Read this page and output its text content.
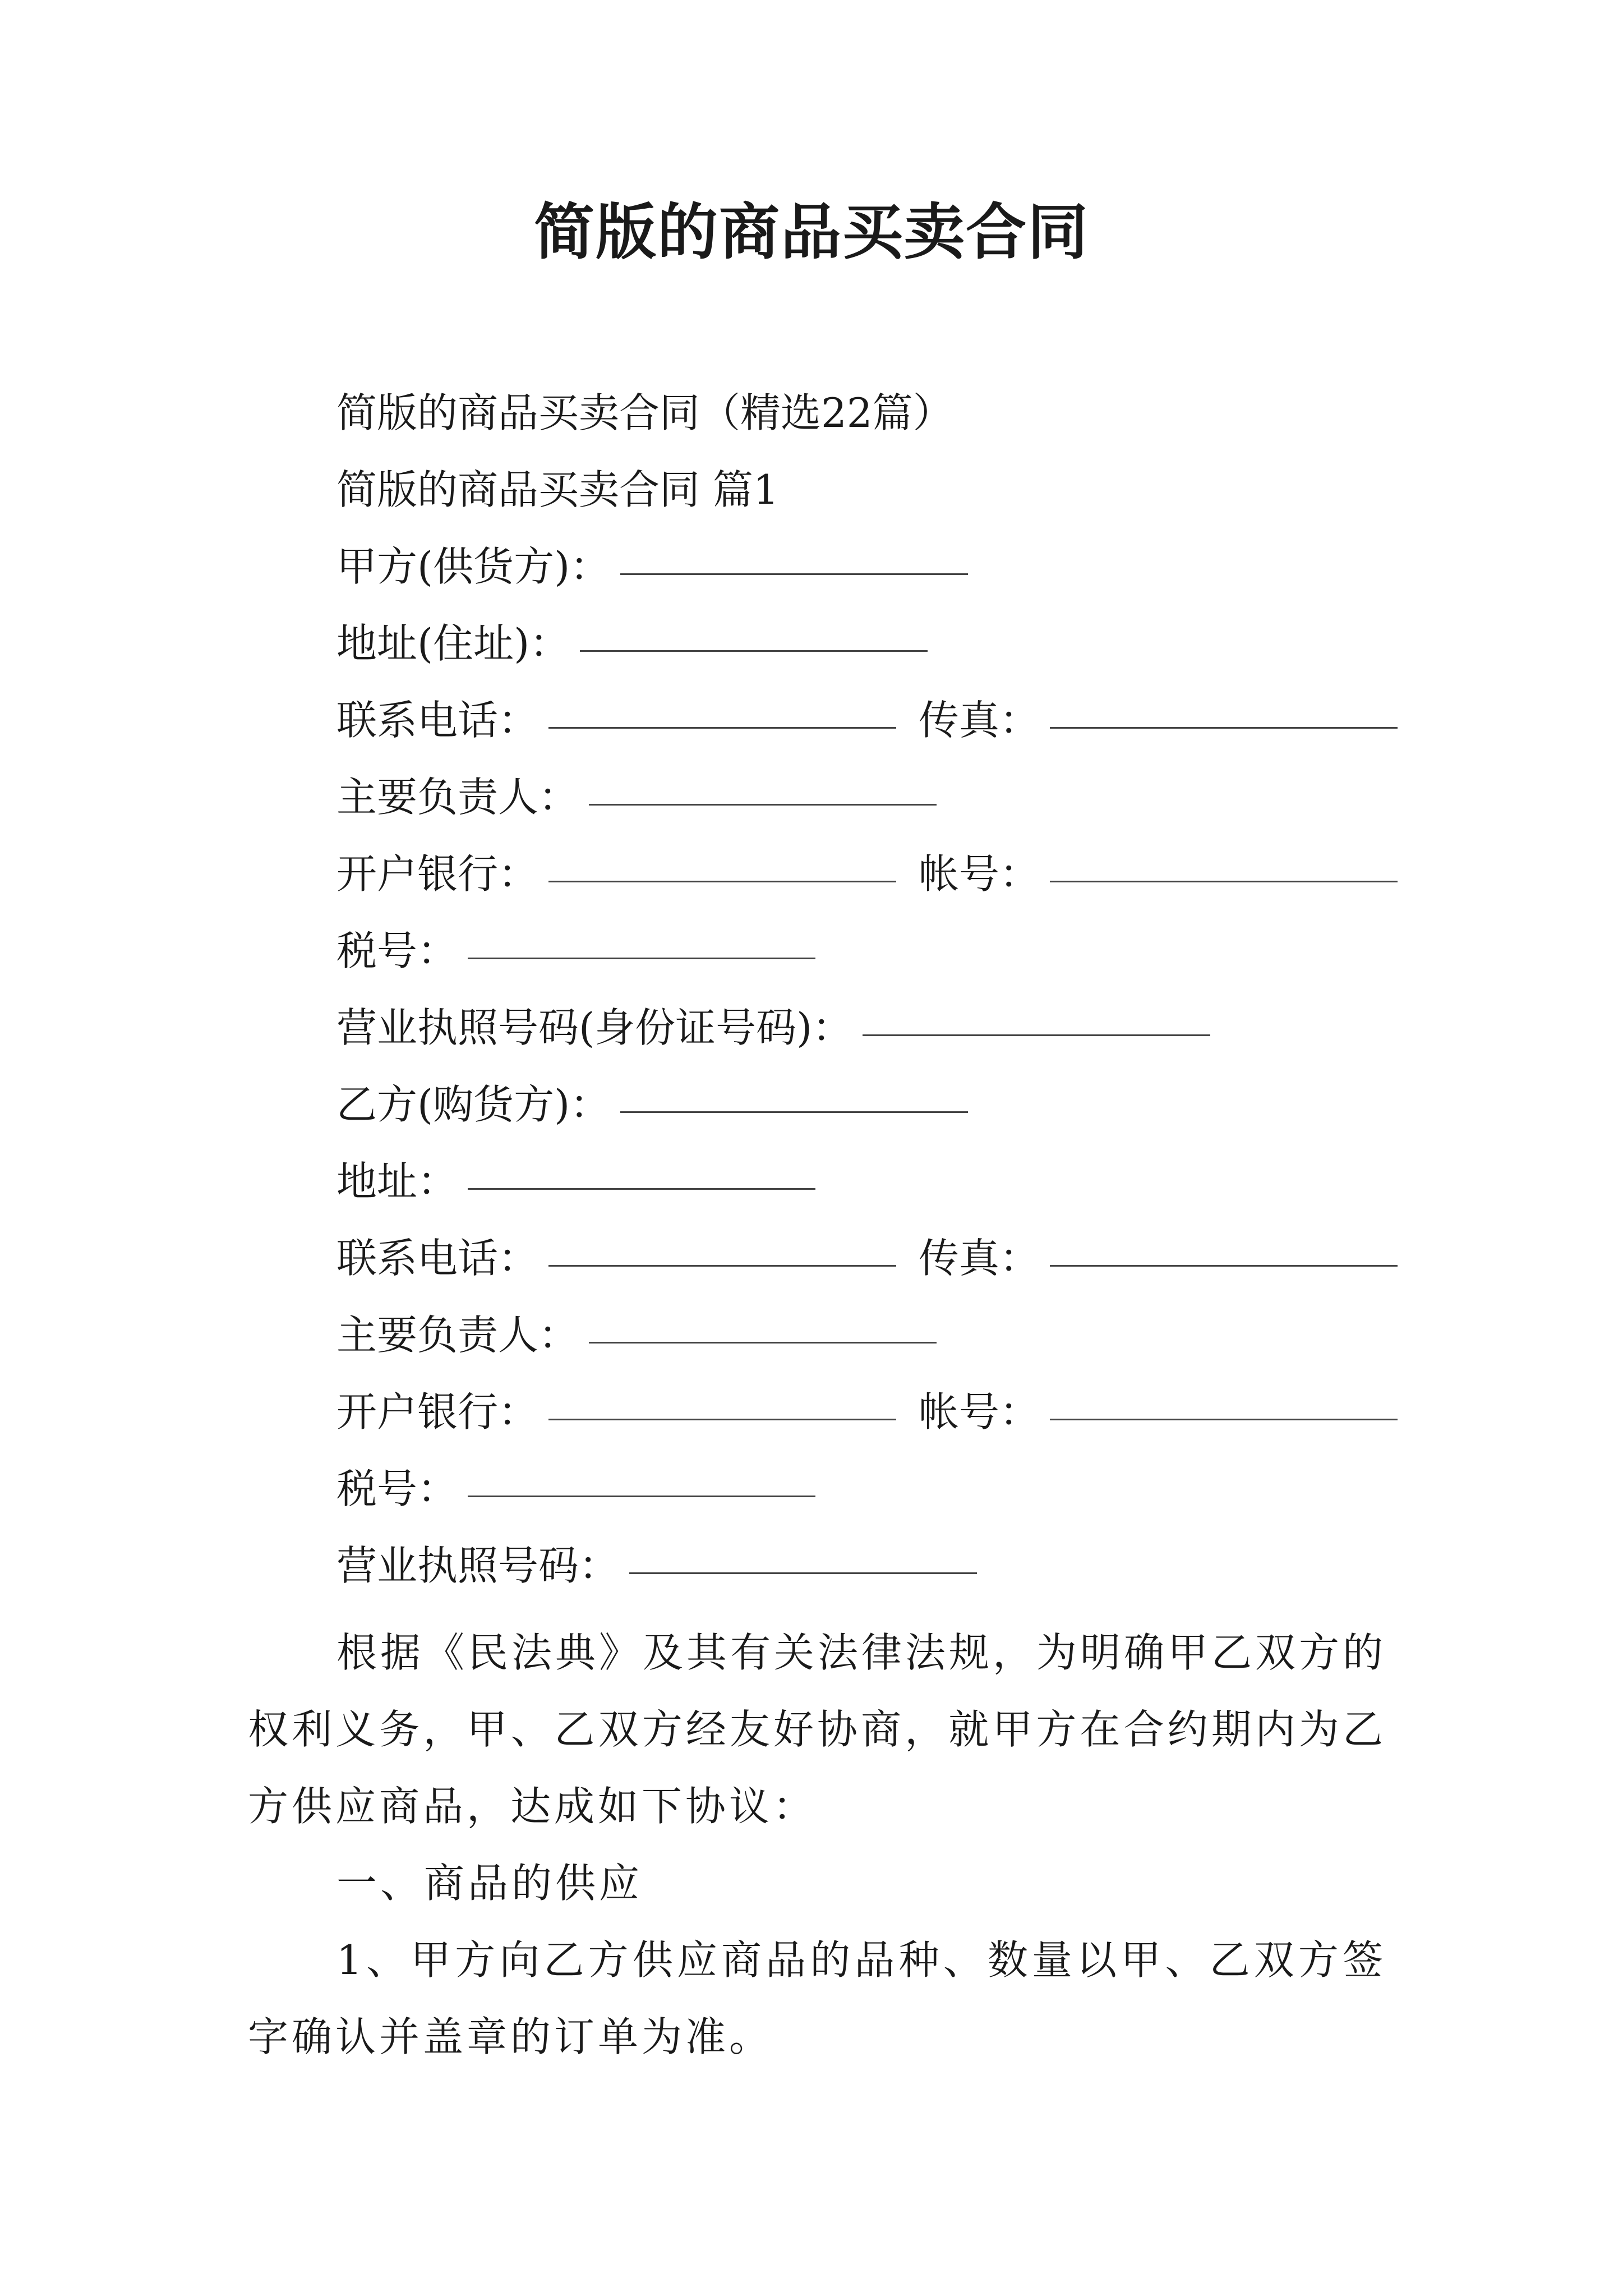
简版的商品买卖合同
简版的商品买卖合同（精选22篇）
简版的商品买卖合同 篇1
甲方(供货方)：
地址(住址)：
联系电话：	传真：
主要负责人：
开户银行：	帐号：
税号：
营业执照号码(身份证号码)：
乙方(购货方)：
地址：
联系电话：	传真：
主要负责人：
开户银行：	帐号：
税号：
营业执照号码：
根据《民法典》及其有关法律法规，为明确甲乙双方的权利义务，甲、乙双方经友好协商，就甲方在合约期内为乙方供应商品，达成如下协议：
一、商品的供应
1、甲方向乙方供应商品的品种、数量以甲、乙双方签字确认并盖章的订单为准。
